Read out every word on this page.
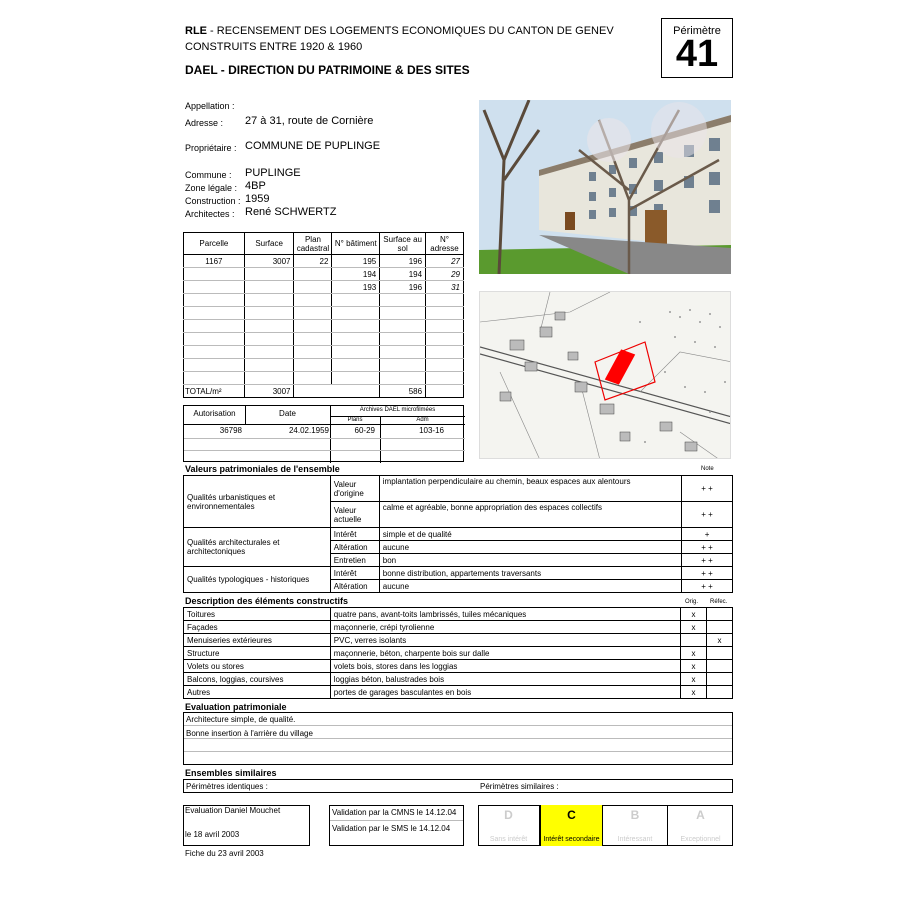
RLE - RECENSEMENT DES LOGEMENTS ECONOMIQUES DU CANTON DE GENEV
CONSTRUITS ENTRE 1920 & 1960
DAEL - DIRECTION DU PATRIMOINE & DES SITES
Périmètre
41
Appellation :
Adresse : 27 à 31, route de Cornière
Propriétaire : COMMUNE DE PUPLINGE
Commune : PUPLINGE
Zone légale : 4BP
Construction : 1959
Architectes : René SCHWERTZ
Parcelle	Surface	Plan cadastral	N° bâtiment	Surface au sol	N° adresse
1167	3007	22	195	196	27
			194	194	29
			193	196	31

TOTAL/m²	3007			586	
Autorisation	Date	Archives DAEL microfilmées
Plans	Adm
36798	24.02.1959	60-29	103-16
Valeurs patrimoniales de l'ensemble	Note
Qualités urbanistiques et environnementales	Valeur d'origine	implantation perpendiculaire au chemin, beaux espaces aux alentours	+ +
	Valeur actuelle	calme et agréable, bonne appropriation des espaces collectifs	+ +
Qualités architecturales et architectoniques	Intérêt	simple et de qualité	+
	Altération	aucune	+ +
	Entretien	bon	+ +
Qualités typologiques - historiques	Intérêt	bonne distribution, appartements traversants	+ +
	Altération	aucune	+ +
Description des éléments constructifs	Orig. Réfec.
Toitures	quatre pans, avant-toits lambrissés, tuiles mécaniques	x	
Façades	maçonnerie, crépi tyrolienne	x	
Menuiseries extérieures	PVC, verres isolants		x
Structure	maçonnerie, béton, charpente bois sur dalle	x	
Volets ou stores	volets bois, stores dans les loggias	x	
Balcons, loggias, coursives	loggias béton, balustrades bois	x	
Autres	portes de garages basculantes en bois	x	
Evaluation patrimoniale
Architecture simple, de qualité.
Bonne insertion à l'arrière du village
Ensembles similaires
Périmètres identiques :	Périmètres similaires :
Evaluation Daniel Mouchet
le 18 avril 2003
Validation par la CMNS le 14.12.04
Validation par le SMS le 14.12.04
Fiche du 23 avril 2003
D
Sans intérêt
C
Intérêt secondaire
B
Intéressant
A
Exceptionnel
